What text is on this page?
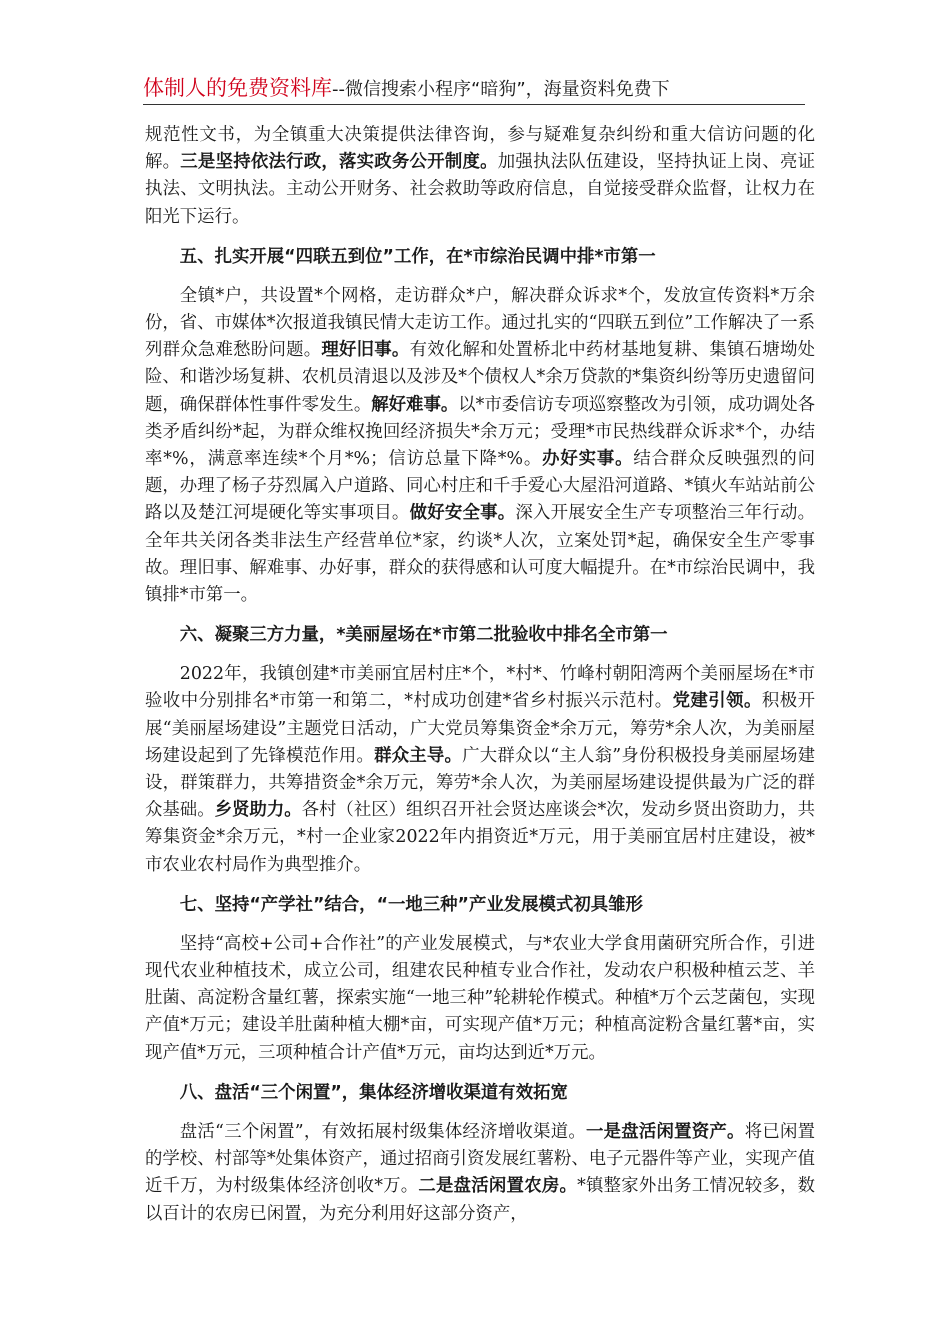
体制人的免费资料库--微信搜索小程序“暗狗”，海量资料免费下

规范性文书，为全镇重大决策提供法律咨询，参与疑难复杂纠纷和重大信访问题的化解。三是坚持依法行政，落实政务公开制度。加强执法队伍建设，坚持执证上岗、亮证执法、文明执法。主动公开财务、社会救助等政府信息，自觉接受群众监督，让权力在阳光下运行。

五、扎实开展“四联五到位”工作，在*市综治民调中排*市第一

全镇*户，共设置*个网格，走访群众*户，解决群众诉求*个，发放宣传资料*万余份，省、市媒体*次报道我镇民情大走访工作。通过扎实的“四联五到位”工作解决了一系列群众急难愁盼问题。理好旧事。有效化解和处置桥北中药材基地复耕、集镇石塘坳处险、和谐沙场复耕、农机员清退以及涉及*个债权人*余万贷款的*集资纠纷等历史遗留问题，确保群体性事件零发生。解好难事。以*市委信访专项巡察整改为引领，成功调处各类矛盾纠纷*起，为群众维权挽回经济损失*余万元；受理*市民热线群众诉求*个，办结率*%，满意率连续*个月*%；信访总量下降*%。办好实事。结合群众反映强烈的问题，办理了杨子芬烈属入户道路、同心村庄和千手爱心大屋沿河道路、*镇火车站站前公路以及楚江河堤硬化等实事项目。做好安全事。深入开展安全生产专项整治三年行动。全年共关闭各类非法生产经营单位*家，约谈*人次，立案处罚*起，确保安全生产零事故。理旧事、解难事、办好事，群众的获得感和认可度大幅提升。在*市综治民调中，我镇排*市第一。

六、凝聚三方力量，*美丽屋场在*市第二批验收中排名全市第一

2022年，我镇创建*市美丽宜居村庄*个，*村*、竹峰村朝阳湾两个美丽屋场在*市验收中分别排名*市第一和第二，*村成功创建*省乡村振兴示范村。党建引领。积极开展“美丽屋场建设”主题党日活动，广大党员筹集资金*余万元，筹劳*余人次，为美丽屋场建设起到了先锋模范作用。群众主导。广大群众以“主人翁”身份积极投身美丽屋场建设，群策群力，共筹措资金*余万元，筹劳*余人次，为美丽屋场建设提供最为广泛的群众基础。乡贤助力。各村（社区）组织召开社会贤达座谈会*次，发动乡贤出资助力，共筹集资金*余万元，*村一企业家2022年内捐资近*万元，用于美丽宜居村庄建设，被*市农业农村局作为典型推介。

七、坚持“产学社”结合，“一地三种”产业发展模式初具雏形

坚持“高校+公司+合作社”的产业发展模式，与*农业大学食用菌研究所合作，引进现代农业种植技术，成立公司，组建农民种植专业合作社，发动农户积极种植云芝、羊肚菌、高淀粉含量红薯，探索实施“一地三种”轮耕轮作模式。种植*万个云芝菌包，实现产值*万元；建设羊肚菌种植大棚*亩，可实现产值*万元；种植高淀粉含量红薯*亩，实现产值*万元，三项种植合计产值*万元，亩均达到近*万元。

八、盘活“三个闲置”，集体经济增收渠道有效拓宽

盘活“三个闲置”，有效拓展村级集体经济增收渠道。一是盘活闲置资产。将已闲置的学校、村部等*处集体资产，通过招商引资发展红薯粉、电子元器件等产业，实现产值近千万，为村级集体经济创收*万。二是盘活闲置农房。*镇整家外出务工情况较多，数以百计的农房已闲置，为充分利用好这部分资产，
